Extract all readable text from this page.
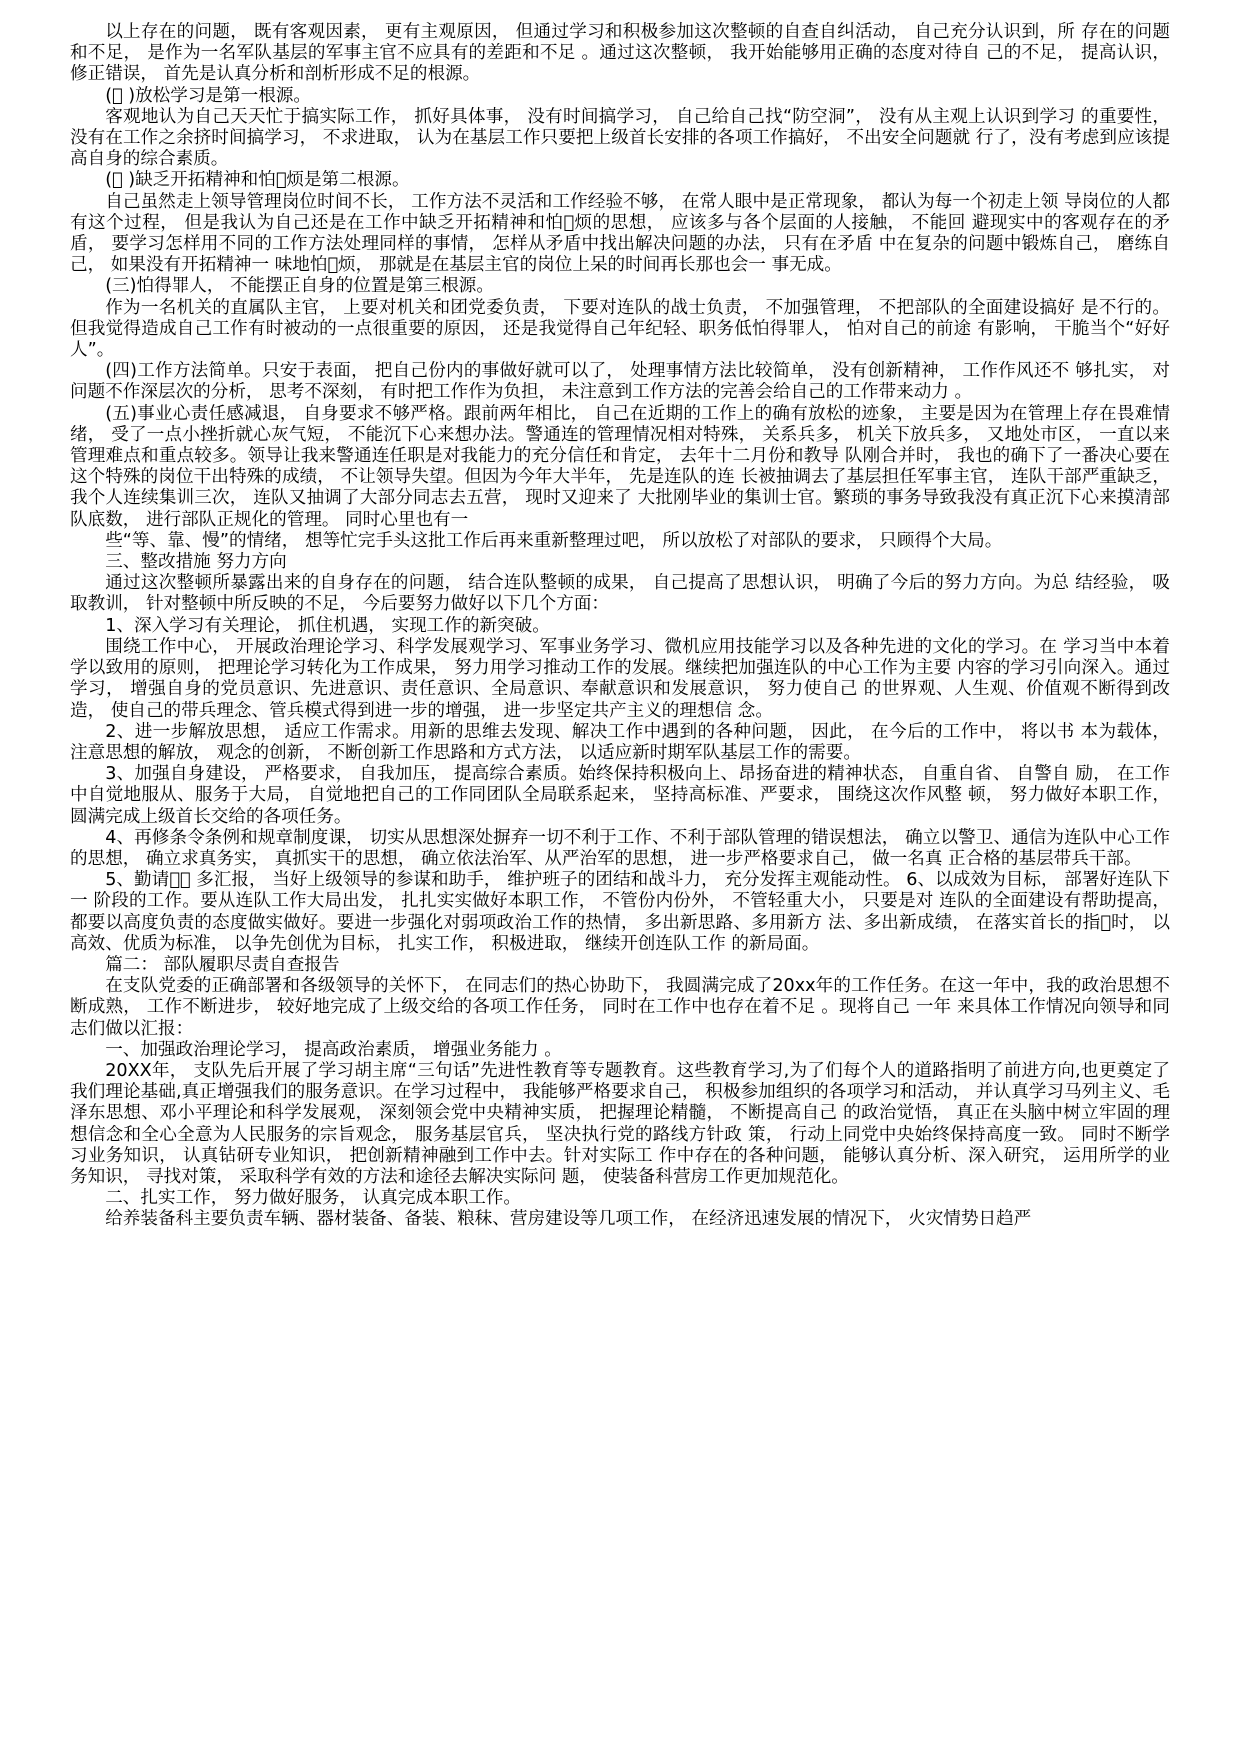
以上存在的问题， 既有客观因素， 更有主观原因， 但通过学习和积极参加这次整顿的自查自纠活动， 自己充分认识到，所 存在的问题和不足， 是作为一名军队基层的军事主官不应具有的差距和不足 。通过这次整顿， 我开始能够用正确的态度对待自 己的不足， 提高认识， 修正错误， 首先是认真分析和剖析形成不足的根源。

(􏰀 )放松学习是第一根源。

客观地认为自己天天忙于搞实际工作， 抓好具体事， 没有时间搞学习， 自己给自己找“防空洞”， 没有从主观上认识到学习 的重要性， 没有在工作之余挤时间搞学习， 不求进取， 认为在基层工作只要把上级首长安排的各项工作搞好， 不出安全问题就 行了，没有考虑到应该提高自身的综合素质。

(􏰀 )缺乏开拓精神和怕􏰀烦是第二根源。

自己虽然走上领导管理岗位时间不长， 工作方法不灵活和工作经验不够， 在常人眼中是正常现象， 都认为每一个初走上领 导岗位的人都有这个过程， 但是我认为自己还是在工作中缺乏开拓精神和怕􏰀烦的思想， 应该多与各个层面的人接触， 不能回 避现实中的客观存在的矛盾， 要学习怎样用不同的工作方法处理同样的事情， 怎样从矛盾中找出解决问题的办法， 只有在矛盾 中在复杂的问题中锻炼自己， 磨练自己， 如果没有开拓精神一 味地怕􏰀烦， 那就是在基层主官的岗位上呆的时间再长那也会一 事无成。

(三)怕得罪人， 不能摆正自身的位置是第三根源。

作为一名机关的直属队主官， 上要对机关和团党委负责， 下要对连队的战士负责， 不加强管理， 不把部队的全面建设搞好 是不行的。但我觉得造成自己工作有时被动的一点很重要的原因， 还是我觉得自己年纪轻、职务低怕得罪人， 怕对自己的前途 有影响， 干脆当个“好好人”。

(四)工作方法简单。只安于表面， 把自己份内的事做好就可以了， 处理事情方法比较简单， 没有创新精神， 工作作风还不 够扎实， 对问题不作深层次的分析， 思考不深刻， 有时把工作作为负担， 未注意到工作方法的完善会给自己的工作带来动力 。

(五)事业心责任感减退， 自身要求不够严格。跟前两年相比， 自己在近期的工作上的确有放松的迹象， 主要是因为在管理上存在畏难情绪， 受了一点小挫折就心灰气短， 不能沉下心来想办法。警通连的管理情况相对特殊， 关系兵多， 机关下放兵多， 又地处市区， 一直以来管理难点和重点较多。领导让我来警通连任职是对我能力的充分信任和肯定， 去年十二月份和教导 队刚合并时， 我也的确下了一番决心要在这个特殊的岗位干出特殊的成绩， 不让领导失望。但因为今年大半年， 先是连队的连 长被抽调去了基层担任军事主官， 连队干部严重缺乏， 我个人连续集训三次， 连队又抽调了大部分同志去五营， 现时又迎来了 大批刚毕业的集训士官。繁琐的事务导致我没有真正沉下心来摸清部队底数， 进行部队正规化的管理。 同时心里也有一

些“等、靠、慢”的情绪， 想等忙完手头这批工作后再来重新整理过吧， 所以放松了对部队的要求， 只顾得个大局。

三、整改措施 努力方向

通过这次整顿所暴露出来的自身存在的问题， 结合连队整顿的成果， 自己提高了思想认识， 明确了今后的努力方向。为总 结经验， 吸取教训， 针对整顿中所反映的不足， 今后要努力做好以下几个方面：

1、深入学习有关理论， 抓住机遇， 实现工作的新突破。

围绕工作中心， 开展政治理论学习、科学发展观学习、军事业务学习、微机应用技能学习以及各种先进的文化的学习。在 学习当中本着学以致用的原则， 把理论学习转化为工作成果， 努力用学习推动工作的发展。继续把加强连队的中心工作为主要 内容的学习引向深入。通过学习， 增强自身的党员意识、先进意识、责任意识、全局意识、奉献意识和发展意识， 努力使自己 的世界观、人生观、价值观不断得到改造， 使自己的带兵理念、管兵模式得到进一步的增强， 进一步坚定共产主义的理想信 念。

2、进一步解放思想， 适应工作需求。用新的思维去发现、解决工作中遇到的各种问题， 因此， 在今后的工作中， 将以书 本为载体， 注意思想的解放， 观念的创新， 不断创新工作思路和方式方法， 以适应新时期军队基层工作的需要。

3、加强自身建设， 严格要求， 自我加压， 提高综合素质。始终保持积极向上、昂扬奋进的精神状态， 自重自省、 自警自 励， 在工作中自觉地服从、服务于大局， 自觉地把自己的工作同团队全局联系起来， 坚持高标准、严要求， 围绕这次作风整 顿， 努力做好本职工作， 圆满完成上级首长交给的各项任务。

4、再修条令条例和规章制度课， 切实从思想深处摒弃一切不利于工作、不利于部队管理的错误想法， 确立以警卫、通信为连队中心工作的思想， 确立求真务实， 真抓实干的思想， 确立依法治军、从严治军的思想， 进一步严格要求自己， 做一名真 正合格的基层带兵干部。

5、勤请􏰀， 多汇报， 当好上级领导的参谋和助手， 维护班子的团结和战斗力， 充分发挥主观能动性。 6、以成效为目标， 部署好连队下一 阶段的工作。要从连队工作大局出发， 扎扎实实做好本职工作， 不管份内份外， 不管轻重大小， 只要是对 连队的全面建设有帮助提高， 都要以高度负责的态度做实做好。要进一步强化对弱项政治工作的热情， 多出新思路、多用新方 法、多出新成绩， 在落实首长的指􏰀时， 以高效、优质为标准， 以争先创优为目标， 扎实工作， 积极进取， 继续开创连队工作 的新局面。

篇二： 部队履职尽责自查报告

在支队党委的正确部署和各级领导的关怀下， 在同志们的热心协助下， 我圆满完成了20xx年的工作任务。在这一年中，我的政治思想不断成熟， 工作不断进步， 较好地完成了上级交给的各项工作任务， 同时在工作中也存在着不足 。现将自己 一年 来具体工作情况向领导和同志们做以汇报：

一、加强政治理论学习， 提高政治素质， 增强业务能力 。

20XX年， 支队先后开展了学习胡主席“三句话”先进性教育等专题教育。这些教育学习,为了们每个人的道路指明了前进方向,也更奠定了我们理论基础,真正增强我们的服务意识。在学习过程中， 我能够严格要求自己， 积极参加组织的各项学习和活动， 并认真学习马列主义、毛泽东思想、邓小平理论和科学发展观， 深刻领会党中央精神实质， 把握理论精髓， 不断提高自己 的政治觉悟， 真正在头脑中树立牢固的理想信念和全心全意为人民服务的宗旨观念， 服务基层官兵， 坚决执行党的路线方针政 策， 行动上同党中央始终保持高度一致。 同时不断学习业务知识， 认真钻研专业知识， 把创新精神融到工作中去。针对实际工 作中存在的各种问题， 能够认真分析、深入研究， 运用所学的业务知识， 寻找对策， 采取科学有效的方法和途径去解决实际问 题， 使装备科营房工作更加规范化。

二、扎实工作， 努力做好服务， 认真完成本职工作。

给养装备科主要负责车辆、器材装备、备装、粮秣、营房建设等几项工作， 在经济迅速发展的情况下， 火灾情势日趋严
